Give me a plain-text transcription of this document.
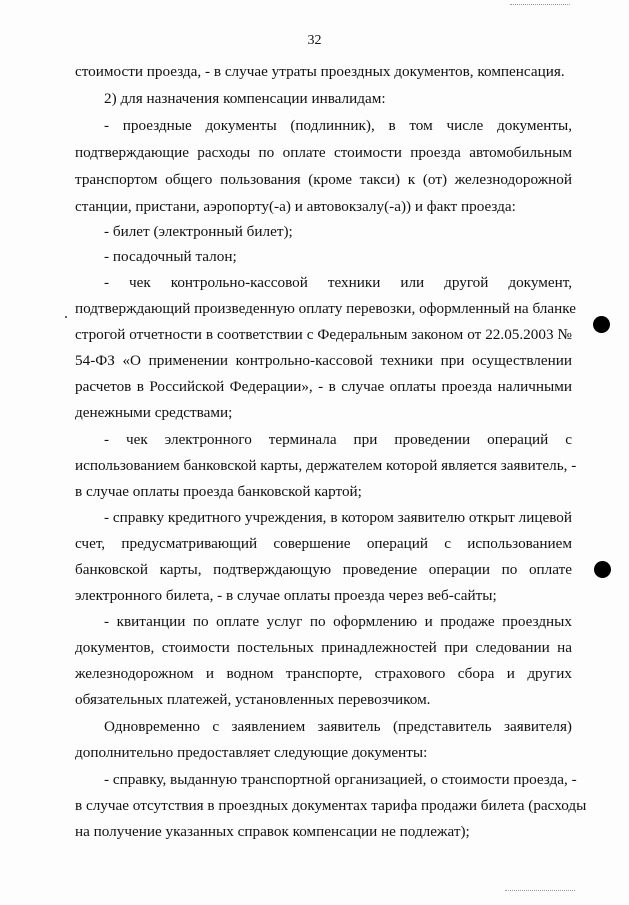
32
стоимости проезда, - в случае утраты проездных документов, компенсация.
2) для назначения компенсации инвалидам:
- проездные документы (подлинник), в том числе документы,
подтверждающие расходы по оплате стоимости проезда автомобильным
транспортом общего пользования (кроме такси) к (от) железнодорожной
станции, пристани, аэропорту(-а) и автовокзалу(-а)) и факт проезда:
- билет (электронный билет);
- посадочный талон;
- чек контрольно-кассовой техники или другой документ,
подтверждающий произведенную оплату перевозки, оформленный на бланке
строгой отчетности в соответствии с Федеральным законом от 22.05.2003 №
54-ФЗ «О применении контрольно-кассовой техники при осуществлении
расчетов в Российской Федерации», - в случае оплаты проезда наличными
денежными средствами;
- чек электронного терминала при проведении операций с
использованием банковской карты, держателем которой является заявитель, -
в случае оплаты проезда банковской картой;
- справку кредитного учреждения, в котором заявителю открыт лицевой
счет, предусматривающий совершение операций с использованием
банковской карты, подтверждающую проведение операции по оплате
электронного билета, - в случае оплаты проезда через веб-сайты;
- квитанции по оплате услуг по оформлению и продаже проездных
документов, стоимости постельных принадлежностей при следовании на
железнодорожном и водном транспорте, страхового сбора и других
обязательных платежей, установленных перевозчиком.
Одновременно с заявлением заявитель (представитель заявителя)
дополнительно предоставляет следующие документы:
- справку, выданную транспортной организацией, о стоимости проезда, -
в случае отсутствия в проездных документах тарифа продажи билета (расходы
на получение указанных справок компенсации не подлежат);
